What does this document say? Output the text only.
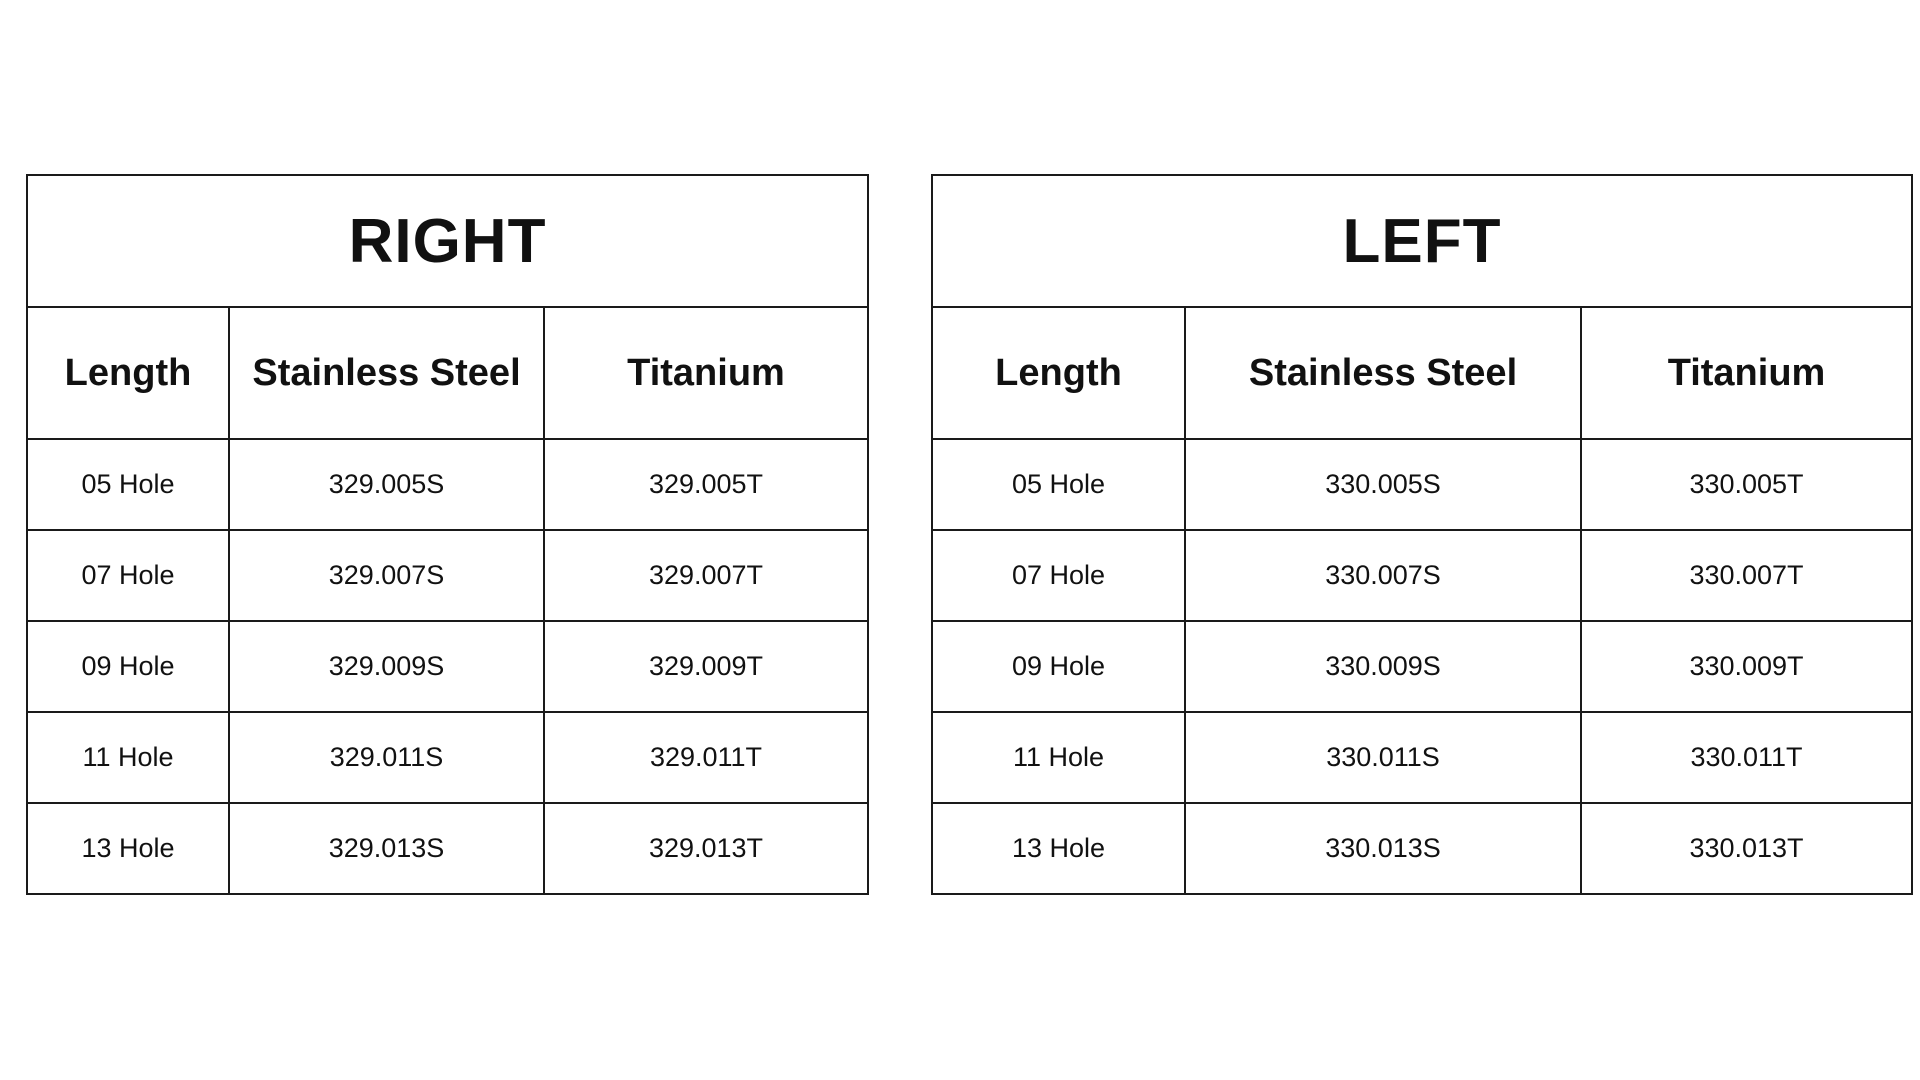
RIGHT		
Length	Stainless Steel	Titanium
05 Hole	329.005S	329.005T
07 Hole	329.007S	329.007T
09 Hole	329.009S	329.009T
11 Hole	329.011S	329.011T
13 Hole	329.013S	329.013T
LEFT		
Length	Stainless Steel	Titanium
05 Hole	330.005S	330.005T
07 Hole	330.007S	330.007T
09 Hole	330.009S	330.009T
11 Hole	330.011S	330.011T
13 Hole	330.013S	330.013T
